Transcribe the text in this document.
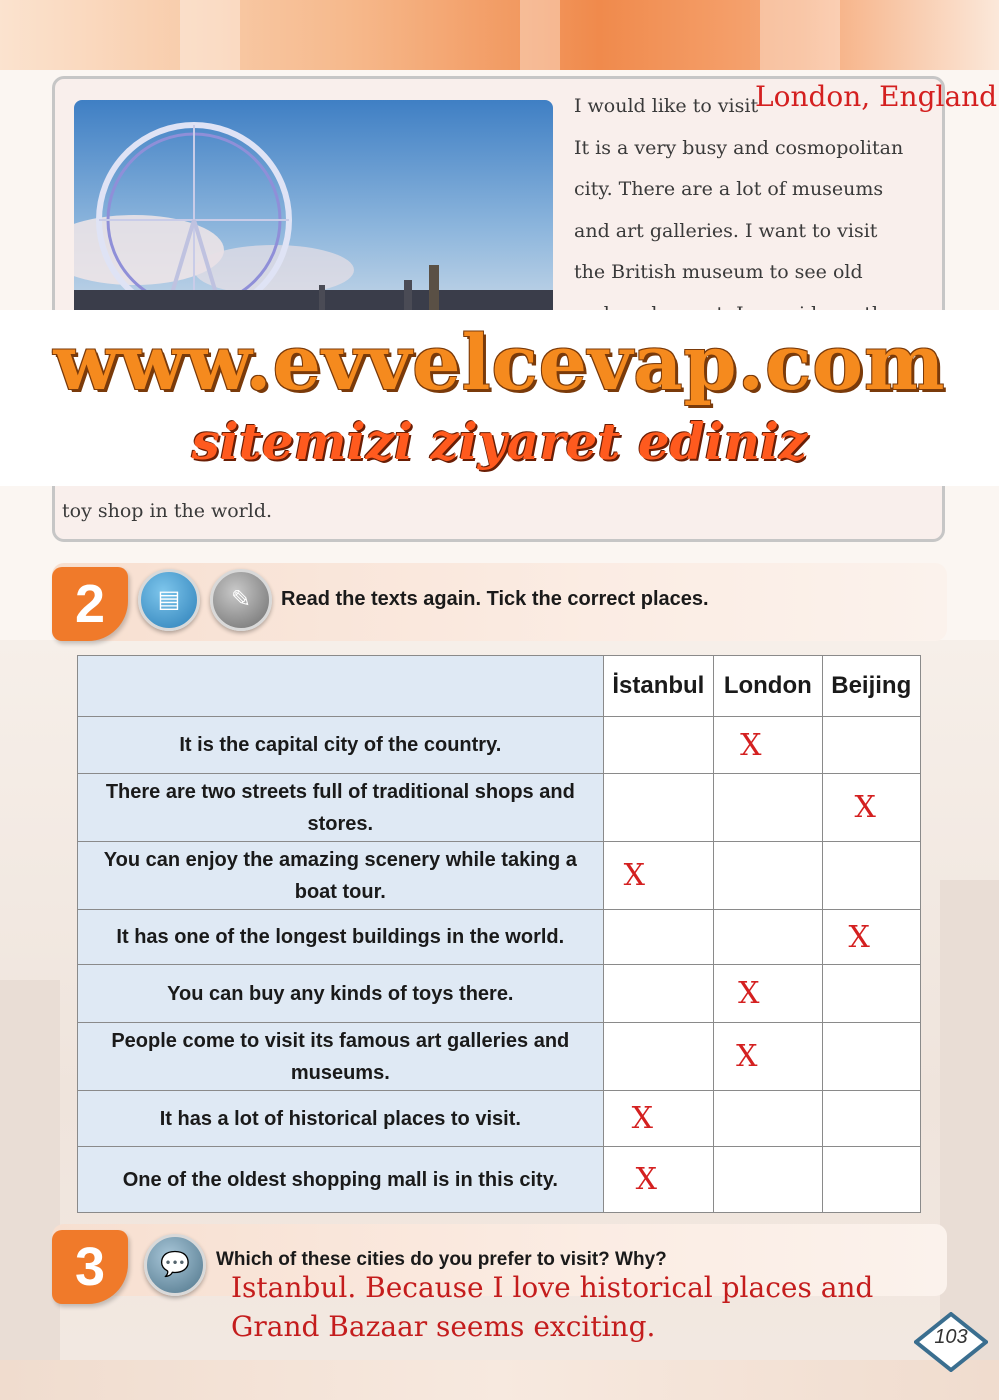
I would like to visit
It is a very busy and cosmopolitan
city. There are a lot of museums
and art galleries. I want to visit
the British museum to see old
London, England
toy shop in the world.
www.evvelcevap.com
sitemizi ziyaret ediniz
2	▤	✎	Read the texts again. Tick the correct places.
	İstanbul	London	Beijing
It is the capital city of the country.		X	
There are two streets full of traditional shops and stores.			X
You can enjoy the amazing scenery while taking a boat tour.	X		
It has one of the longest buildings in the world.			X
You can buy any kinds of toys there.		X	
People come to visit its famous art galleries and museums.		X	
It has a lot of historical places to visit.	X		
One of the oldest shopping mall is in this city.	X		
3	💬	Which of these cities do you prefer to visit? Why?
Istanbul. Because I love historical places and Grand Bazaar seems exciting.	103
